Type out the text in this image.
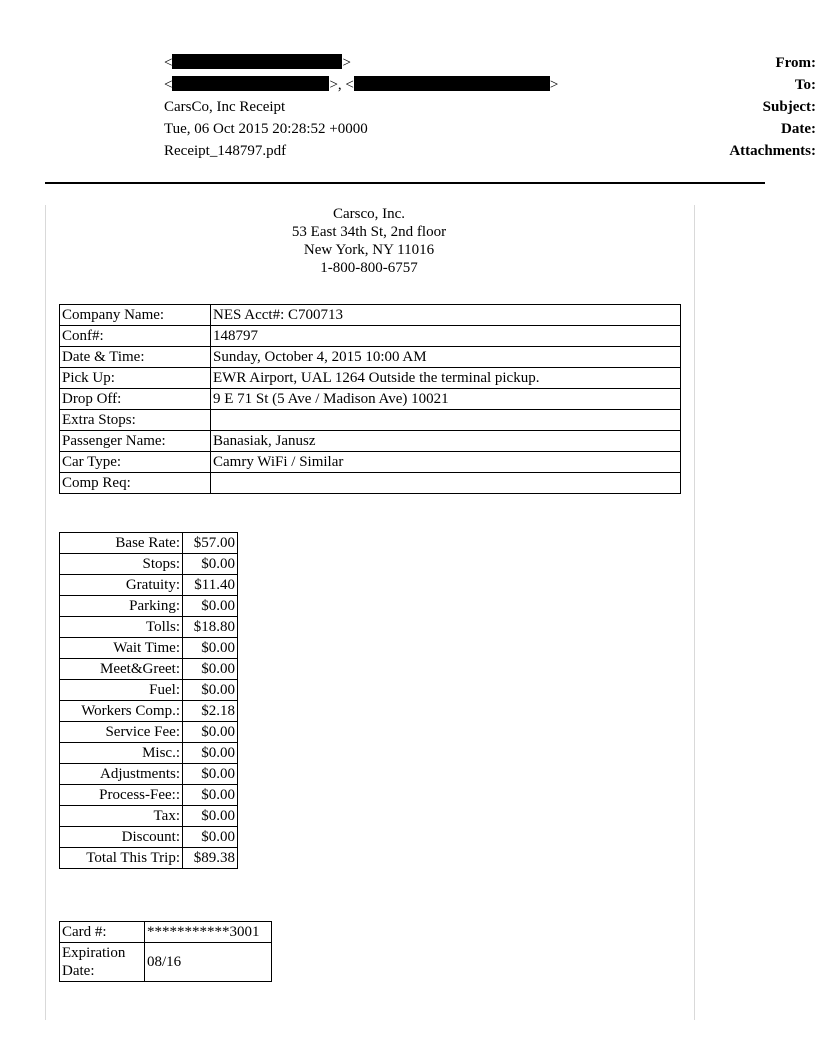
From:
<	>
To:
<	>, <	>
Subject:
CarsCo, Inc Receipt
Date:
Tue, 06 Oct 2015 20:28:52 +0000
Attachments:
Receipt_148797.pdf
Carsco, Inc.
53 East 34th St, 2nd floor
New York, NY 11016
1-800-800-6757
Company Name:	NES Acct#: C700713
Conf#:	148797
Date & Time:	Sunday, October 4, 2015 10:00 AM
Pick Up:	EWR Airport, UAL 1264 Outside the terminal pickup.
Drop Off:	9 E 71 St (5 Ave / Madison Ave) 10021
Extra Stops:	
Passenger Name:	Banasiak, Janusz
Car Type:	Camry WiFi / Similar
Comp Req:	
Base Rate:	$57.00
Stops:	$0.00
Gratuity:	$11.40
Parking:	$0.00
Tolls:	$18.80
Wait Time:	$0.00
Meet&Greet:	$0.00
Fuel:	$0.00
Workers Comp.:	$2.18
Service Fee:	$0.00
Misc.:	$0.00
Adjustments:	$0.00
Process-Fee::	$0.00
Tax:	$0.00
Discount:	$0.00
Total This Trip:	$89.38
Card #:	***********3001
Expiration Date:	08/16
